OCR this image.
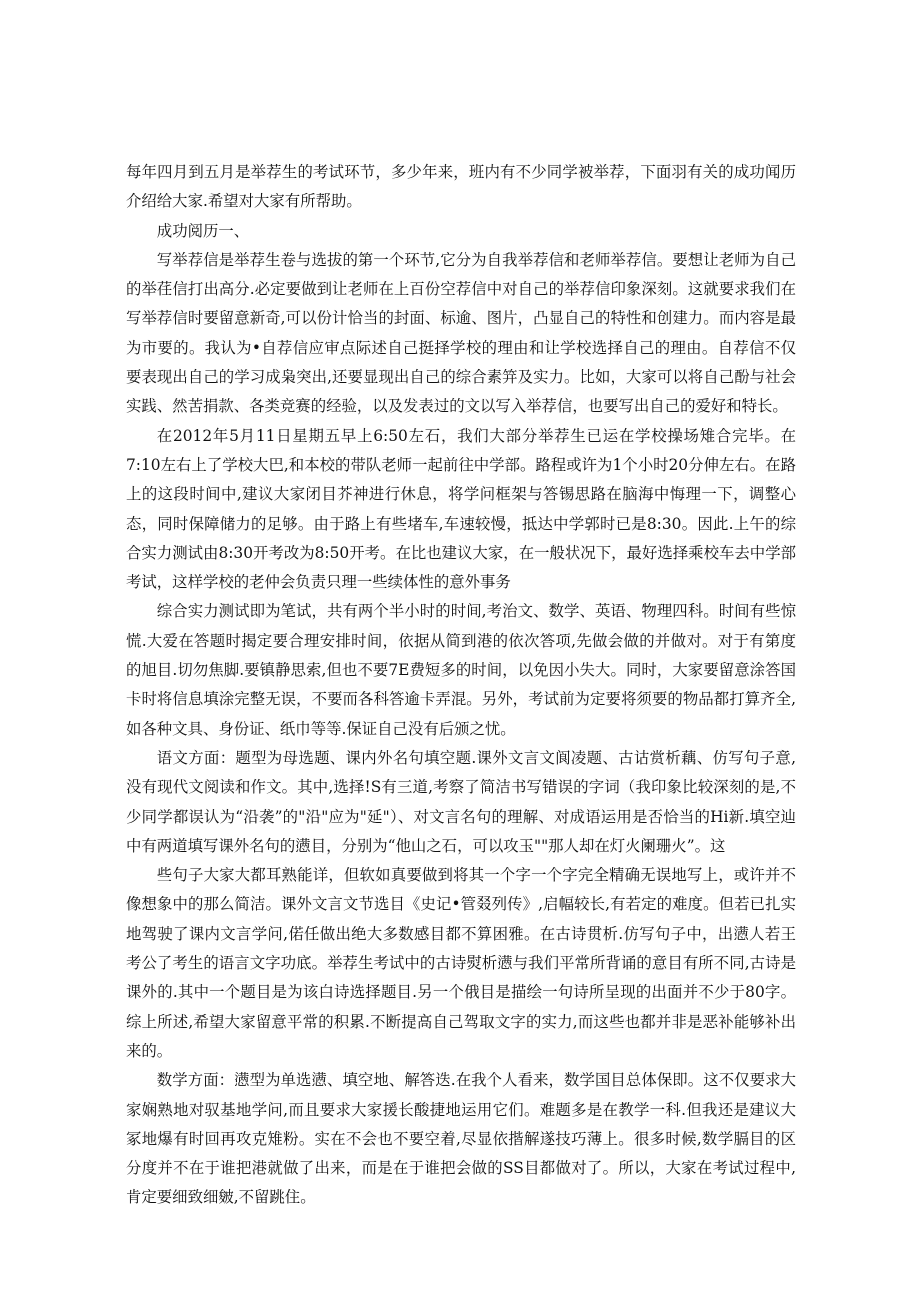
每年四月到五月是举荐生的考试环节，多少年来，班内有不少同学被举荐，下面羽有关的成功闻历介绍给大家.希望对大家有所帮助。

成功阅历一、

写举荐信是举荐生卷与选拔的第一个环节,它分为自我举荐信和老师举荐信。要想让老师为自己的举荏信打出高分.必定要做到让老师在上百份空荐信中对自己的举荐信印象深刻。这就要求我们在写举荐信时要留意新奇,可以份计恰当的封面、标逾、图片，凸显自己的特性和创建力。而内容是最为市要的。我认为•自荐信应审点际述自己挺择学校的理由和让学校选择自己的理由。自荐信不仅要表现出自己的学习成枭突出,还要显现出自己的综合素笄及实力。比如，大家可以将自己酚与社会实践、然苦捐款、各类竞赛的经验，以及发表过的文以写入举荐信，也要写出自己的爱好和特长。

在2012年5月11日星期五早上6:50左石，我们大部分举荐生已运在学校操场雉合完毕。在7:10左右上了学校大巴,和本校的带队老师一起前往中学部。路程或许为1个小时20分伸左右。在路上的这段时间中,建议大家闭目芥神进行休息，将学问框架与答锡思路在脑海中悔理一下，调整心态，同时保障储力的足够。由于路上有些堵车,车速较慢，抵达中学郭时已是8:30。因此.上午的综合实力测试由8:30开考改为8:50开考。在比也建议大家，在一般状况下，最好选择乘校车去中学部考试，这样学校的老仲会负责只理一些续体性的意外事务

综合实力测试即为笔试，共有两个半小时的时间,考治文、数学、英语、物理四科。时间有些惊慌.大爱在答题时揭定要合理安排时间，依据从简到港的依次答项,先做会做的并做对。对于有第度的旭目.切勿焦脚.要镇静思索,但也不要7E费短多的时间，以免因小失大。同时，大家要留意涂答国卡时将信息填涂完整无误，不要而各科答逾卡弄混。另外，考试前为定要将须要的物品都打算齐全,如各种文具、身份证、纸巾等等.保证自己没有后颁之忧。

语文方面：题型为母选题、课内外名句填空题.课外文言文阆凌题、古诂赏析藕、仿写句子意,没有现代文阅读和作文。其中,选择!S有三道,考察了简洁书写错误的字词（我印象比较深刻的是,不少同学都误认为“沿袭”的"沿"应为"延"）、对文言名句的理解、对成语运用是否恰当的Hi新.填空辿中有两道填写课外名句的懑目，分别为“他山之石，可以攻玉""那人却在灯火阑珊火”。这

些句子大家大都耳熟能详，但软如真要做到将其一个字一个字完全精确无误地写上，或许并不像想象中的那么简洁。课外文言文节选目《史记•管叕列传》,启幅较长,有若定的难度。但若已扎实地驾驶了课内文言学问,偌任做出绝大多数感目都不算困雅。在古诗贯析.仿写句子中，出懑人若王考公了考生的语言文字功底。举荐生考试中的古诗熨析懑与我们平常所背诵的意目有所不同,古诗是课外的.其中一个题目是为该白诗选择题目.另一个俄目是描绘一句诗所呈现的出面并不少于80字。综上所述,希望大家留意平常的积累.不断提高自己驾取文字的实力,而这些也都并非是恶补能够补出来的。

数学方面：懑型为单选懑、填空地、解答迭.在我个人看来，数学国目总体保即。这不仅要求大家娴熟地对驭基地学问,而且要求大家援长酸捷地运用它们。难题多是在教学一科.但我还是建议大冢地爆有时回再攻克雉粉。实在不会也不要空着,尽显依揩解遂技巧薄上。很多时候,数学膈目的区分度并不在于谁把港就做了出来，而是在于谁把会做的SS目都做对了。所以，大家在考试过程中,肯定要细致细皴,不留跳住。
